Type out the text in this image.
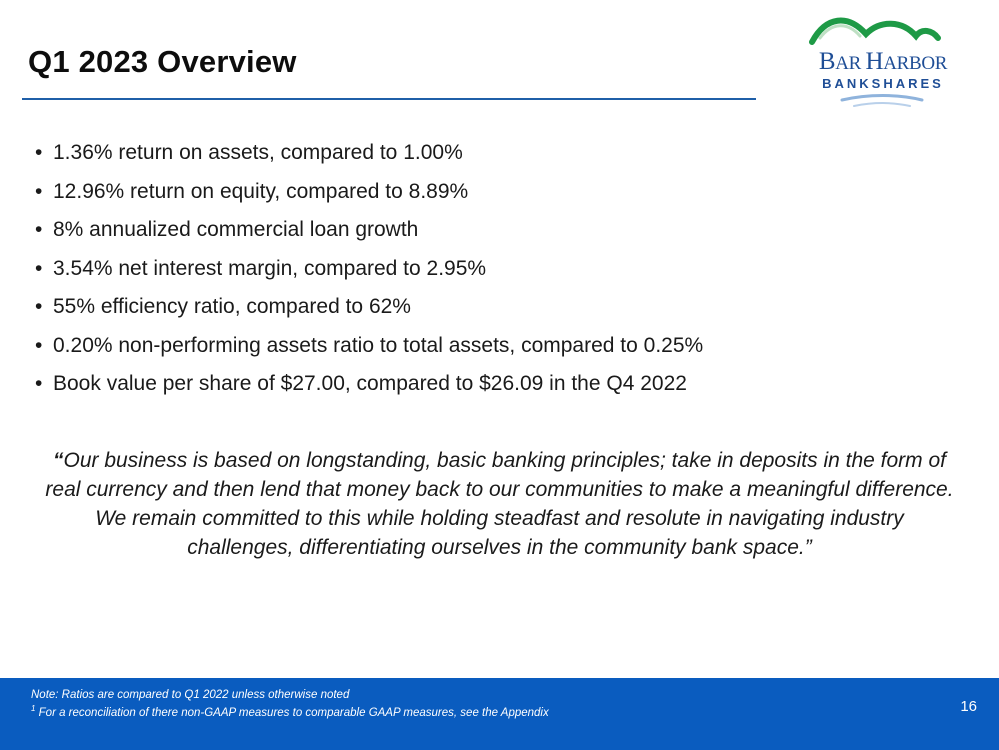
Q1 2023 Overview	BAR HARBOR
BANKSHARES
• 1.36% return on assets, compared to 1.00%
• 12.96% return on equity, compared to 8.89%
• 8% annualized commercial loan growth
• 3.54% net interest margin, compared to 2.95%
• 55% efficiency ratio, compared to 62%
• 0.20% non-performing assets ratio to total assets, compared to 0.25%
• Book value per share of $27.00, compared to $26.09 in the Q4 2022
“Our business is based on longstanding, basic banking principles; take in deposits in the form of real currency and then lend that money back to our communities to make a meaningful difference. We remain committed to this while holding steadfast and resolute in navigating industry challenges, differentiating ourselves in the community bank space.”
Note: Ratios are compared to Q1 2022 unless otherwise noted
$^1$ For a reconciliation of there non-GAAP measures to comparable GAAP measures, see the Appendix	16
